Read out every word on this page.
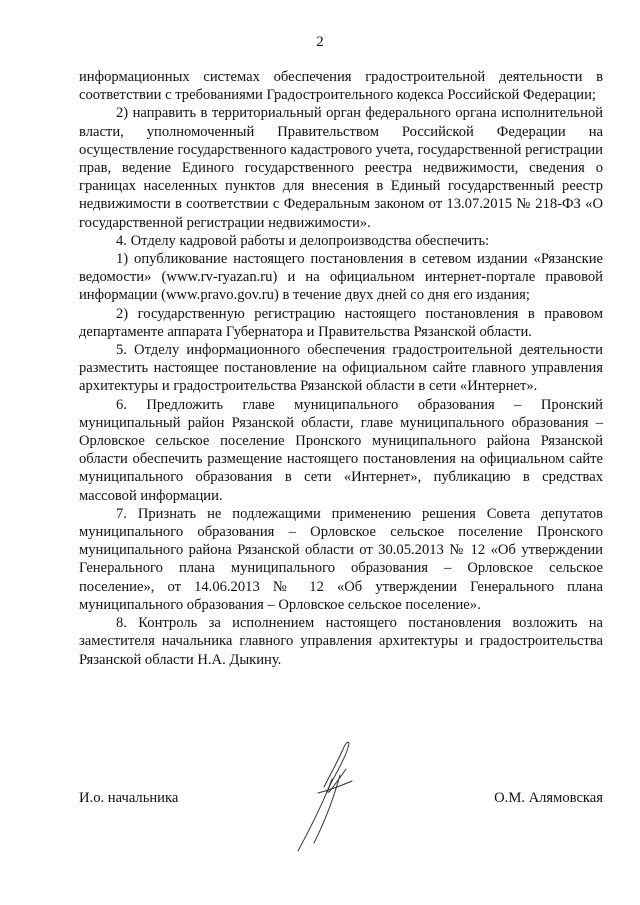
2

информационных системах обеспечения градостроительной деятельности в соответствии с требованиями Градостроительного кодекса Российской Федерации;

2) направить в территориальный орган федерального органа исполнительной власти, уполномоченный Правительством Российской Федерации на осуществление государственного кадастрового учета, государственной регистрации прав, ведение Единого государственного реестра недвижимости, сведения о границах населенных пунктов для внесения в Единый государственный реестр недвижимости в соответствии с Федеральным законом от 13.07.2015 № 218-ФЗ «О государственной регистрации недвижимости».

4. Отделу кадровой работы и делопроизводства обеспечить:

1) опубликование настоящего постановления в сетевом издании «Рязанские ведомости» (www.rv-ryazan.ru) и на официальном интернет-портале правовой информации (www.pravo.gov.ru) в течение двух дней со дня его издания;

2) государственную регистрацию настоящего постановления в правовом департаменте аппарата Губернатора и Правительства Рязанской области.

5. Отделу информационного обеспечения градостроительной деятельности разместить настоящее постановление на официальном сайте главного управления архитектуры и градостроительства Рязанской области в сети «Интернет».

6. Предложить главе муниципального образования – Пронский муниципальный район Рязанской области, главе муниципального образования – Орловское сельское поселение Пронского муниципального района Рязанской области обеспечить размещение настоящего постановления на официальном сайте муниципального образования в сети «Интернет», публикацию в средствах массовой информации.

7. Признать не подлежащими применению решения Совета депутатов муниципального образования – Орловское сельское поселение Пронского муниципального района Рязанской области от 30.05.2013 № 12 «Об утверждении Генерального плана муниципального образования – Орловское сельское поселение», от 14.06.2013 № 12 «Об утверждении Генерального плана муниципального образования – Орловское сельское поселение».

8. Контроль за исполнением настоящего постановления возложить на заместителя начальника главного управления архитектуры и градостроительства Рязанской области Н.А. Дыкину.

И.о. начальника	О.М. Алямовская
